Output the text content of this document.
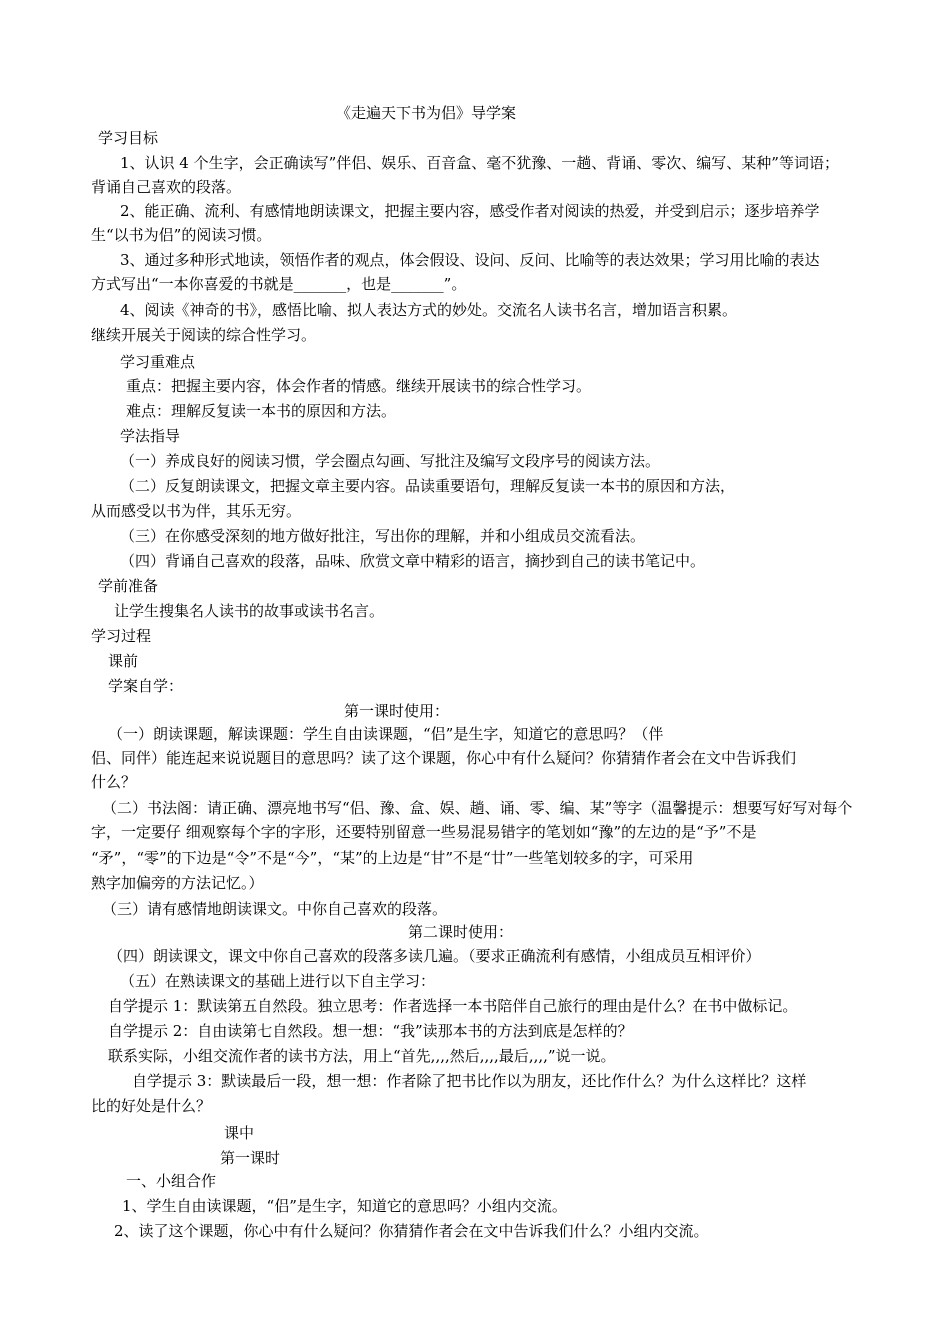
《走遍天下书为侣》导学案
学习目标
1、认识 4 个生字，会正确读写”伴侣、娱乐、百音盒、毫不犹豫、一趟、背诵、零次、编写、某种”等词语；
背诵自己喜欢的段落。
2、能正确、流利、有感情地朗读课文，把握主要内容，感受作者对阅读的热爱，并受到启示；逐步培养学
生“以书为侣”的阅读习惯。
3、通过多种形式地读，领悟作者的观点，体会假设、设问、反问、比喻等的表达效果；学习用比喻的表达
方式写出“一本你喜爱的书就是_______，也是_______”。
4、阅读《神奇的书》，感悟比喻、拟人表达方式的妙处。交流名人读书名言，增加语言积累。
继续开展关于阅读的综合性学习。
学习重难点
重点：把握主要内容，体会作者的情感。继续开展读书的综合性学习。
难点：理解反复读一本书的原因和方法。
学法指导
（一）养成良好的阅读习惯，学会圈点勾画、写批注及编写文段序号的阅读方法。
（二）反复朗读课文，把握文章主要内容。品读重要语句，理解反复读一本书的原因和方法，
从而感受以书为伴，其乐无穷。
（三）在你感受深刻的地方做好批注，写出你的理解，并和小组成员交流看法。
（四）背诵自己喜欢的段落，品味、欣赏文章中精彩的语言，摘抄到自己的读书笔记中。
学前准备
让学生搜集名人读书的故事或读书名言。
学习过程
课前
学案自学：
第一课时使用：
（一）朗读课题，解读课题：学生自由读课题，“侣”是生字，知道它的意思吗？（伴
侣、同伴）能连起来说说题目的意思吗？读了这个课题，你心中有什么疑问？你猜猜作者会在文中告诉我们
什么？
（二）书法阁：请正确、漂亮地书写“侣、豫、盒、娱、趟、诵、零、编、某”等字（温馨提示：想要写好写对每个
字，一定要仔 细观察每个字的字形，还要特别留意一些易混易错字的笔划如“豫”的左边的是“予”不是
“矛”，“零”的下边是“令”不是“今”，“某”的上边是“甘”不是“廿”一些笔划较多的字，可采用
熟字加偏旁的方法记忆。）
（三）请有感情地朗读课文。中你自己喜欢的段落。
第二课时使用：
（四）朗读课文，课文中你自己喜欢的段落多读几遍。（要求正确流利有感情，小组成员互相评价）
（五）在熟读课文的基础上进行以下自主学习：
自学提示 1：默读第五自然段。独立思考：作者选择一本书陪伴自己旅行的理由是什么？在书中做标记。
自学提示 2：自由读第七自然段。想一想：“我”读那本书的方法到底是怎样的？
联系实际，小组交流作者的读书方法，用上“首先,,,,然后,,,,最后,,,,”说一说。
自学提示 3：默读最后一段，想一想：作者除了把书比作以为朋友，还比作什么？为什么这样比？这样
比的好处是什么？
课中
第一课时
一、小组合作
1、学生自由读课题，“侣”是生字，知道它的意思吗？小组内交流。
2、读了这个课题，你心中有什么疑问？你猜猜作者会在文中告诉我们什么？小组内交流。
